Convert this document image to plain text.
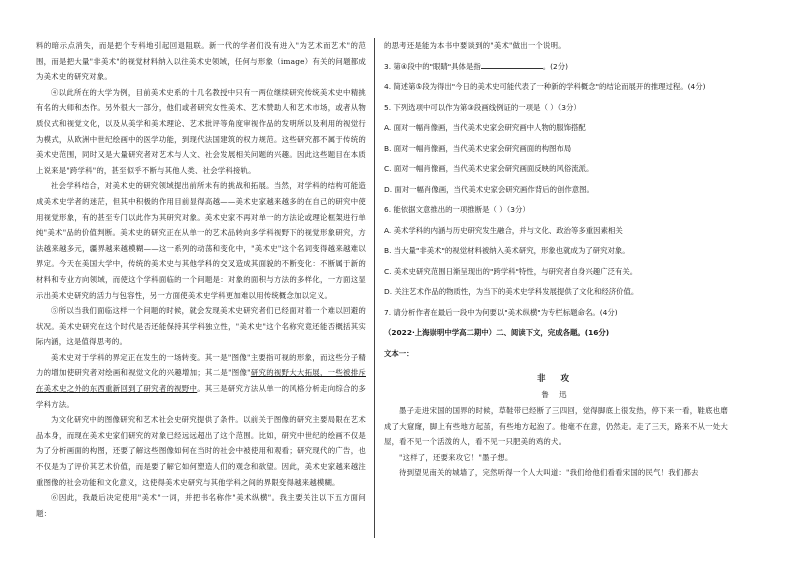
料的暗示点消失，而是把个专科地引起回退阻联。新一代的学者们没有进入"为艺术而艺术"的范围，而是把大量"非美术"的视觉材料纳入以往美术史领域，任何与形象（image）有关的问题都成为美术史的研究对象。

④以此所在的大学为例，目前美术史系的十几名教授中只有一两位继续研究传统美术史中精挑有名的大师和杰作。另外很大一部分，他们或者研究女性美术、艺术赞助人和艺术市场，或者从物质仪式和视觉文化，以及从美学和美术理论、艺术批评等角度审视作品的发明所以及利用的视觉行为模式，从欧洲中世纪绘画中的医学功能，到现代法国建筑的权力规范。这些研究都不属于传统的美术史范围，同时又是大量研究者对艺术与人文、社会发展相关问题的兴趣。因此这些题目在本质上说来是"跨学科"的，甚至似乎不断与其他人类、社会学科接轨。

社会学科结合，对美术史的研究领域提出前所未有的挑战和拓展。当然，对学科的结构可能造成美术史学者的迷茫，但其中积极的作用目前显得高越——美术史家越来越多的在自己的研究中使用视觉形象，有的甚至专门以此作为其研究对象。美术史家不再对单一的方法论或理论框架进行单纯"美术"品的价值判断。美术史的研究正在从单一的艺术品转向多学科视野下的视觉形象研究，方法越来越多元，疆界越来越模糊——这一系列的动荡和变化中，"美术史"这个名词变得越来越难以界定。今天在美国大学中，传统的美术史与其他学科的交叉造成其面貌的不断变化：不断属于新的材料和专业方向领域，而使这个学科面临的一个问题是：对象的面积与方法的多样化，一方面这显示出美术史研究的活力与包容性，另一方面使美术史学科更加难以用传统概念加以定义。

⑤所以当我们面临这样一个问题的时候，就会发现美术史研究者们已经面对着一个难以回避的状况。美术史研究在这个时代是否还能保持其学科独立性，"美术史"这个名称究竟还能否概括其实际内涵，这是值得思考的。

美术史对于学科的界定正在发生的一场转变。其一是"图像"主要指可视的形象，而这些分子精力的增加使研究者对绘画和视觉文化的兴趣增加；其二是"图像"研究的视野大大拓展，一些被排斥在美术史之外的东西重新回到了研究者的视野中。其三是研究方法从单一的风格分析走向综合的多学科方法。

为文化研究中的图像研究和艺术社会史研究提供了条件。以前关于图像的研究主要局限在艺术品本身，而现在美术史家们研究的对象已经远远超出了这个范围。比如，研究中世纪的绘画不仅是为了分析画面的构图，还要了解这些图像如何在当时的社会中被使用和观看；研究现代的广告，也不仅是为了评价其艺术价值，而是要了解它如何塑造人们的观念和欲望。因此，美术史家越来越注重图像的社会功能和文化意义，这使得美术史研究与其他学科之间的界限变得越来越模糊。

⑥因此，我最后决定使用"美术"一词，并把书名称作"美术纵横"。我主要关注以下五方面问题：

的思考还是能为本书中要谈到的"美术"做出一个说明。

3. 第④段中的"眼睛"具体是指	。(2分)

4. 简述第⑤段为得出"今日的美术史可能代表了一种新的学科概念"的结论而展开的推理过程。(4分)

5. 下列选项中可以作为第③段画线例证的一项是（ ）（3分）

A. 面对一幅肖像画，当代美术史家会研究画中人物的服饰搭配

B. 面对一幅肖像画，当代美术史家会研究画面的构图布局

C. 面对一幅肖像画，当代美术史家会研究画面反映的风俗流派。

D. 面对一幅肖像画，当代美术史家会研究画作背后的创作意图。

6. 能依据文意推出的一项推断是（ ）（3分）

A. 美术学科的内涵与历史研究发生融合，并与文化、政治等多重因素相关

B. 当大量"非美术"的视觉材料被纳入美术研究，形象也就成为了研究对象。

C. 美术史研究范围日渐呈现出的"跨学科"特性，与研究者自身兴趣广泛有关。

D. 关注艺术作品的物质性，为当下的美术史学科发展提供了文化和经济价值。

7. 请分析作者在最后一段中为何要以"美术纵横"为专栏标题命名。(4分)

（2022·上海崇明中学高二期中）二、阅读下文，完成各题。(16分)

文本一：

非 攻

鲁 迅

墨子走进宋国的国界的时候，草鞋带已经断了三四回，觉得脚底上很发热，停下来一看，鞋底也磨成了大窟窿，脚上有些地方起茧，有些地方起泡了。他毫不在意，仍然走。走了三天，路来不从一处大屋，看不见一个活泼的人，看不见一只肥美的鸡的犬。

"这样了，还要来攻它！"墨子想。

待到望见南关的城墙了，完然听得一个人大叫道："我们给他们看看宋国的民气！我们都去
